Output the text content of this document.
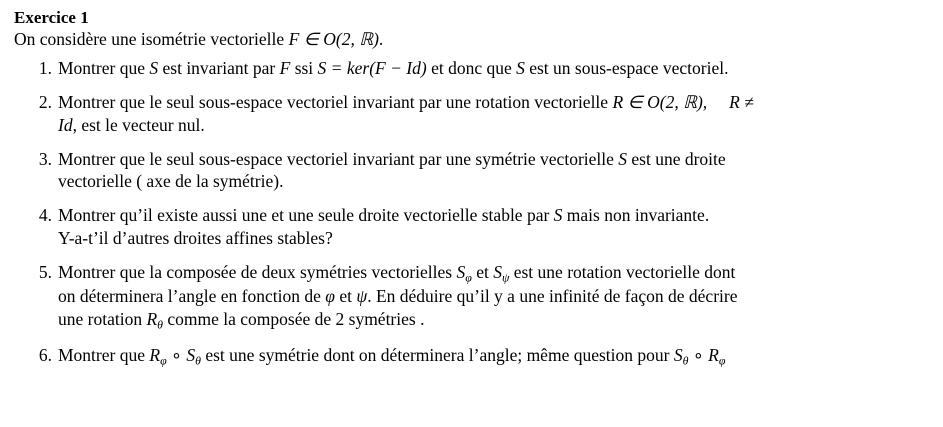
Exercice 1
On considère une isométrie vectorielle F ∈ O(2, ℝ).
1. Montrer que S est invariant par F ssi S = ker(F − Id) et donc que S est un sous-espace vectoriel.
2. Montrer que le seul sous-espace vectoriel invariant par une rotation vectorielle R ∈ O(2, ℝ), R ≠
Id, est le vecteur nul.
3. Montrer que le seul sous-espace vectoriel invariant par une symétrie vectorielle S est une droite
vectorielle ( axe de la symétrie).
4. Montrer qu’il existe aussi une et une seule droite vectorielle stable par S mais non invariante.
Y-a-t’il d’autres droites affines stables?
5. Montrer que la composée de deux symétries vectorielles $S_\varphi$ et $S_\psi$ est une rotation vectorielle dont
on déterminera l’angle en fonction de φ et ψ. En déduire qu’il y a une infinité de façon de décrire
une rotation $R_\theta$ comme la composée de 2 symétries .
6. Montrer que $R_\varphi$ ∘ $S_\theta$ est une symétrie dont on déterminera l’angle; même question pour $S_\theta$ ∘ $R_\varphi$
